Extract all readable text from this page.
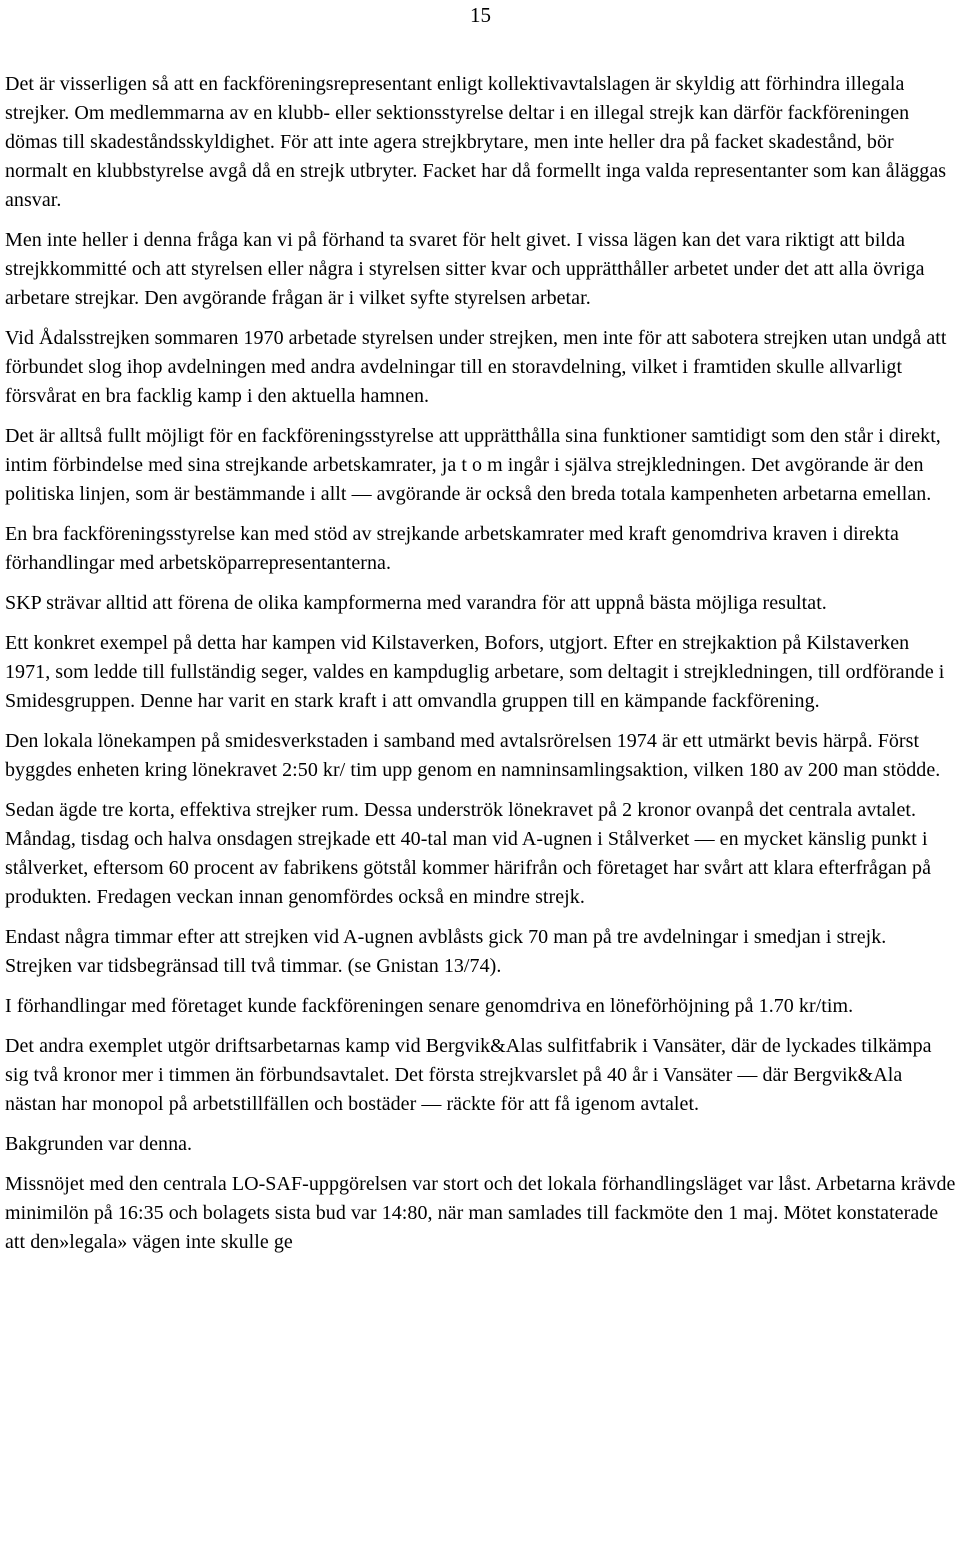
15

Det är visserligen så att en fackföreningsrepresentant enligt kollektivavtalslagen är skyldig att förhindra illegala strejker. Om medlemmarna av en klubb- eller sektionsstyrelse deltar i en illegal strejk kan därför fackföreningen dömas till skadeståndsskyldighet. För att inte agera strejkbrytare, men inte heller dra på facket skadestånd, bör normalt en klubbstyrelse avgå då en strejk utbryter. Facket har då formellt inga valda representanter som kan åläggas ansvar.

Men inte heller i denna fråga kan vi på förhand ta svaret för helt givet. I vissa lägen kan det vara riktigt att bilda strejkkommitté och att styrelsen eller några i styrelsen sitter kvar och upprätthåller arbetet under det att alla övriga arbetare strejkar. Den avgörande frågan är i vilket syfte styrelsen arbetar.

Vid Ådalsstrejken sommaren 1970 arbetade styrelsen under strejken, men inte för att sabotera strejken utan undgå att förbundet slog ihop avdelningen med andra avdelningar till en storavdelning, vilket i framtiden skulle allvarligt försvårat en bra facklig kamp i den aktuella hamnen.

Det är alltså fullt möjligt för en fackföreningsstyrelse att upprätthålla sina funktioner samtidigt som den står i direkt, intim förbindelse med sina strejkande arbetskamrater, ja t o m ingår i själva strejkledningen. Det avgörande är den politiska linjen, som är bestämmande i allt — avgörande är också den breda totala kampenheten arbetarna emellan.

En bra fackföreningsstyrelse kan med stöd av strejkande arbetskamrater med kraft genomdriva kraven i direkta förhandlingar med arbetsköparrepresentanterna.

SKP strävar alltid att förena de olika kampformerna med varandra för att uppnå bästa möjliga resultat.

Ett konkret exempel på detta har kampen vid Kilstaverken, Bofors, utgjort. Efter en strejkaktion på Kilstaverken 1971, som ledde till fullständig seger, valdes en kampduglig arbetare, som deltagit i strejkledningen, till ordförande i Smidesgruppen. Denne har varit en stark kraft i att omvandla gruppen till en kämpande fackförening.

Den lokala lönekampen på smidesverkstaden i samband med avtalsrörelsen 1974 är ett utmärkt bevis härpå. Först byggdes enheten kring lönekravet 2:50 kr/ tim upp genom en namninsamlingsaktion, vilken 180 av 200 man stödde.

Sedan ägde tre korta, effektiva strejker rum. Dessa underströk lönekravet på 2 kronor ovanpå det centrala avtalet. Måndag, tisdag och halva onsdagen strejkade ett 40-tal man vid A-ugnen i Stålverket — en mycket känslig punkt i stålverket, eftersom 60 procent av fabrikens götstål kommer härifrån och företaget har svårt att klara efterfrågan på produkten. Fredagen veckan innan genomfördes också en mindre strejk.

Endast några timmar efter att strejken vid A-ugnen avblåsts gick 70 man på tre avdelningar i smedjan i strejk. Strejken var tidsbegränsad till två timmar. (se Gnistan 13/74).

I förhandlingar med företaget kunde fackföreningen senare genomdriva en löneförhöjning på 1.70 kr/tim.

Det andra exemplet utgör driftsarbetarnas kamp vid Bergvik&Alas sulfitfabrik i Vansäter, där de lyckades tilkämpa sig två kronor mer i timmen än förbundsavtalet. Det första strejkvarslet på 40 år i Vansäter — där Bergvik&Ala nästan har monopol på arbetstillfällen och bostäder — räckte för att få igenom avtalet.

Bakgrunden var denna.

Missnöjet med den centrala LO-SAF-uppgörelsen var stort och det lokala förhandlingsläget var låst. Arbetarna krävde minimilön på 16:35 och bolagets sista bud var 14:80, när man samlades till fackmöte den 1 maj. Mötet konstaterade att den»legala» vägen inte skulle ge
